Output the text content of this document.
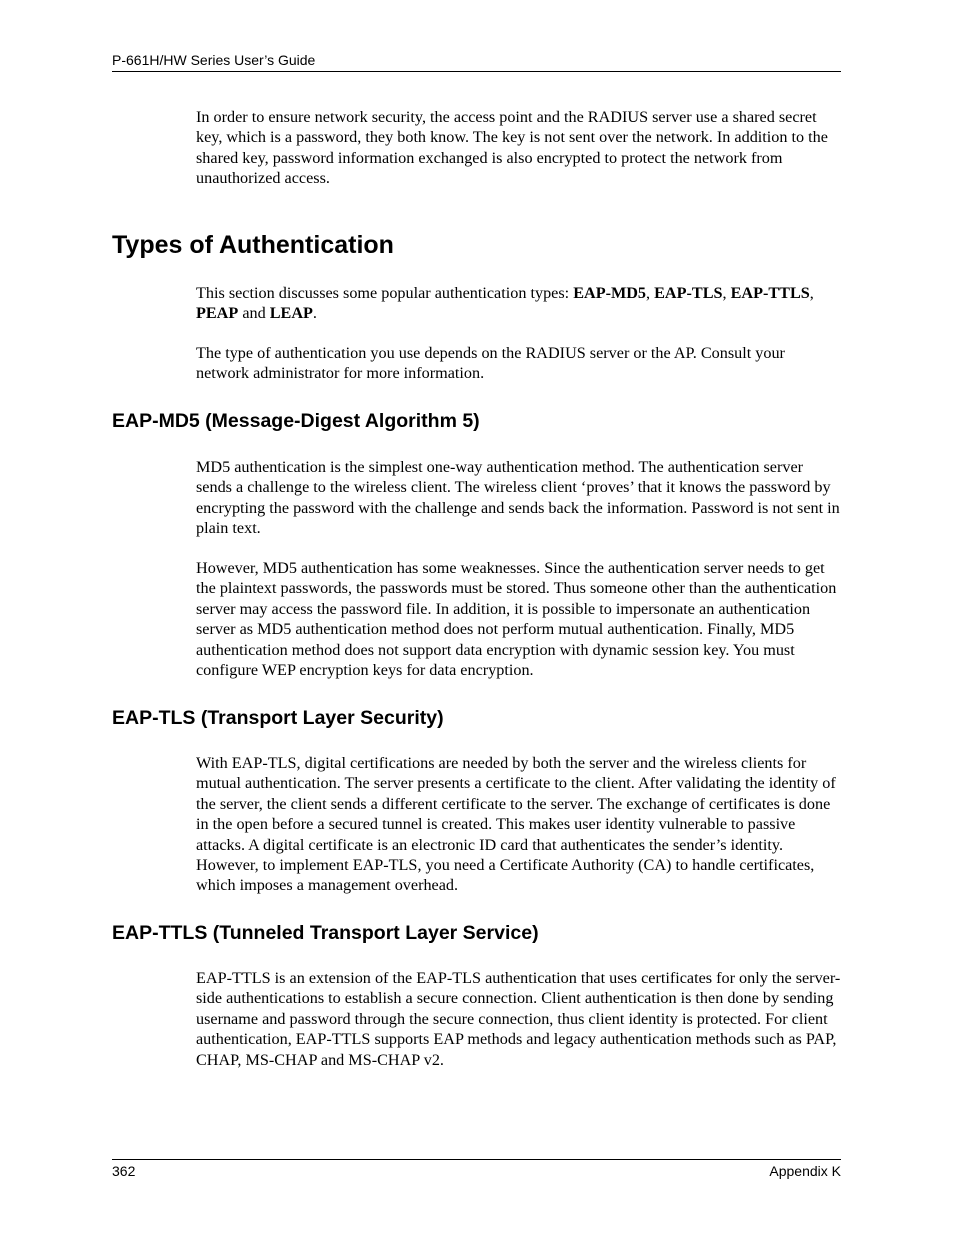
P-661H/HW Series User’s Guide

In order to ensure network security, the access point and the RADIUS server use a shared secret key, which is a password, they both know. The key is not sent over the network. In addition to the shared key, password information exchanged is also encrypted to protect the network from unauthorized access.

Types of Authentication

This section discusses some popular authentication types: EAP-MD5, EAP-TLS, EAP-TTLS, PEAP and LEAP.

The type of authentication you use depends on the RADIUS server or the AP. Consult your network administrator for more information.

EAP-MD5 (Message-Digest Algorithm 5)

MD5 authentication is the simplest one-way authentication method. The authentication server sends a challenge to the wireless client. The wireless client ‘proves’ that it knows the password by encrypting the password with the challenge and sends back the information. Password is not sent in plain text.

However, MD5 authentication has some weaknesses. Since the authentication server needs to get the plaintext passwords, the passwords must be stored. Thus someone other than the authentication server may access the password file. In addition, it is possible to impersonate an authentication server as MD5 authentication method does not perform mutual authentication. Finally, MD5 authentication method does not support data encryption with dynamic session key. You must configure WEP encryption keys for data encryption.

EAP-TLS (Transport Layer Security)

With EAP-TLS, digital certifications are needed by both the server and the wireless clients for mutual authentication. The server presents a certificate to the client. After validating the identity of the server, the client sends a different certificate to the server. The exchange of certificates is done in the open before a secured tunnel is created. This makes user identity vulnerable to passive attacks. A digital certificate is an electronic ID card that authenticates the sender’s identity. However, to implement EAP-TLS, you need a Certificate Authority (CA) to handle certificates, which imposes a management overhead.

EAP-TTLS (Tunneled Transport Layer Service)

EAP-TTLS is an extension of the EAP-TLS authentication that uses certificates for only the server-side authentications to establish a secure connection. Client authentication is then done by sending username and password through the secure connection, thus client identity is protected. For client authentication, EAP-TTLS supports EAP methods and legacy authentication methods such as PAP, CHAP, MS-CHAP and MS-CHAP v2.

362	Appendix K
